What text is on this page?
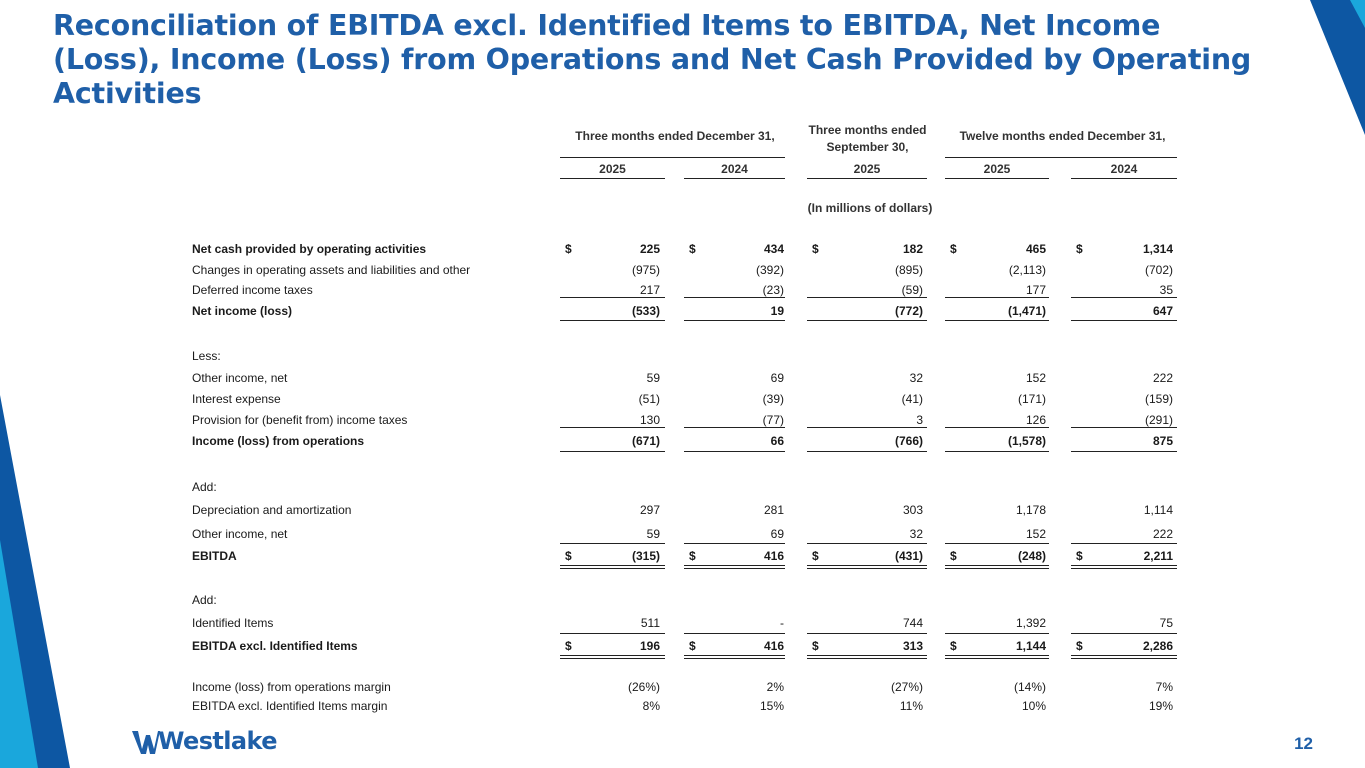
Reconciliation of EBITDA excl. Identified Items to EBITDA, Net Income (Loss), Income (Loss) from Operations and Net Cash Provided by Operating Activities
Three months ended December 31,	Three months ended September 30,
Twelve months ended December 31,
2025	2024	2025	2025	2024
(In millions of dollars)
Net cash provided by operating activities	$	225 $	434 $	182 $	465	$	1,314
Changes in operating assets and liabilities and other	(975)	(392)	(895)	(2,113)	(702)
Deferred income taxes	217	(23)	(59)	177	35
Net income (loss)	(533)	19	(772)	(1,471)	647
Less:
Other income, net	59	69	32	152	222
Interest expense	(51)	(39)	(41)	(171)	(159)
Provision for (benefit from) income taxes	130	(77)	3	126	(291)
Income (loss) from operations	(671)	66	(766)	(1,578)	875
Add:
Depreciation and amortization	297	281	303	1,178	1,114
Other income, net	59	69	32	152	222
EBITDA	$	(315) $	416 $	(431) $	(248)	$	2,211
Add:
Identified Items	511	-	744	1,392	75
EBITDA excl. Identified Items	$	196 $	416 $	313 $	1,144	$	2,286
Income (loss) from operations margin	(26%)	2%	(27%)	(14%)	7%
EBITDA excl. Identified Items margin	8%	15%	11%	10%	19%
12
Westlake
